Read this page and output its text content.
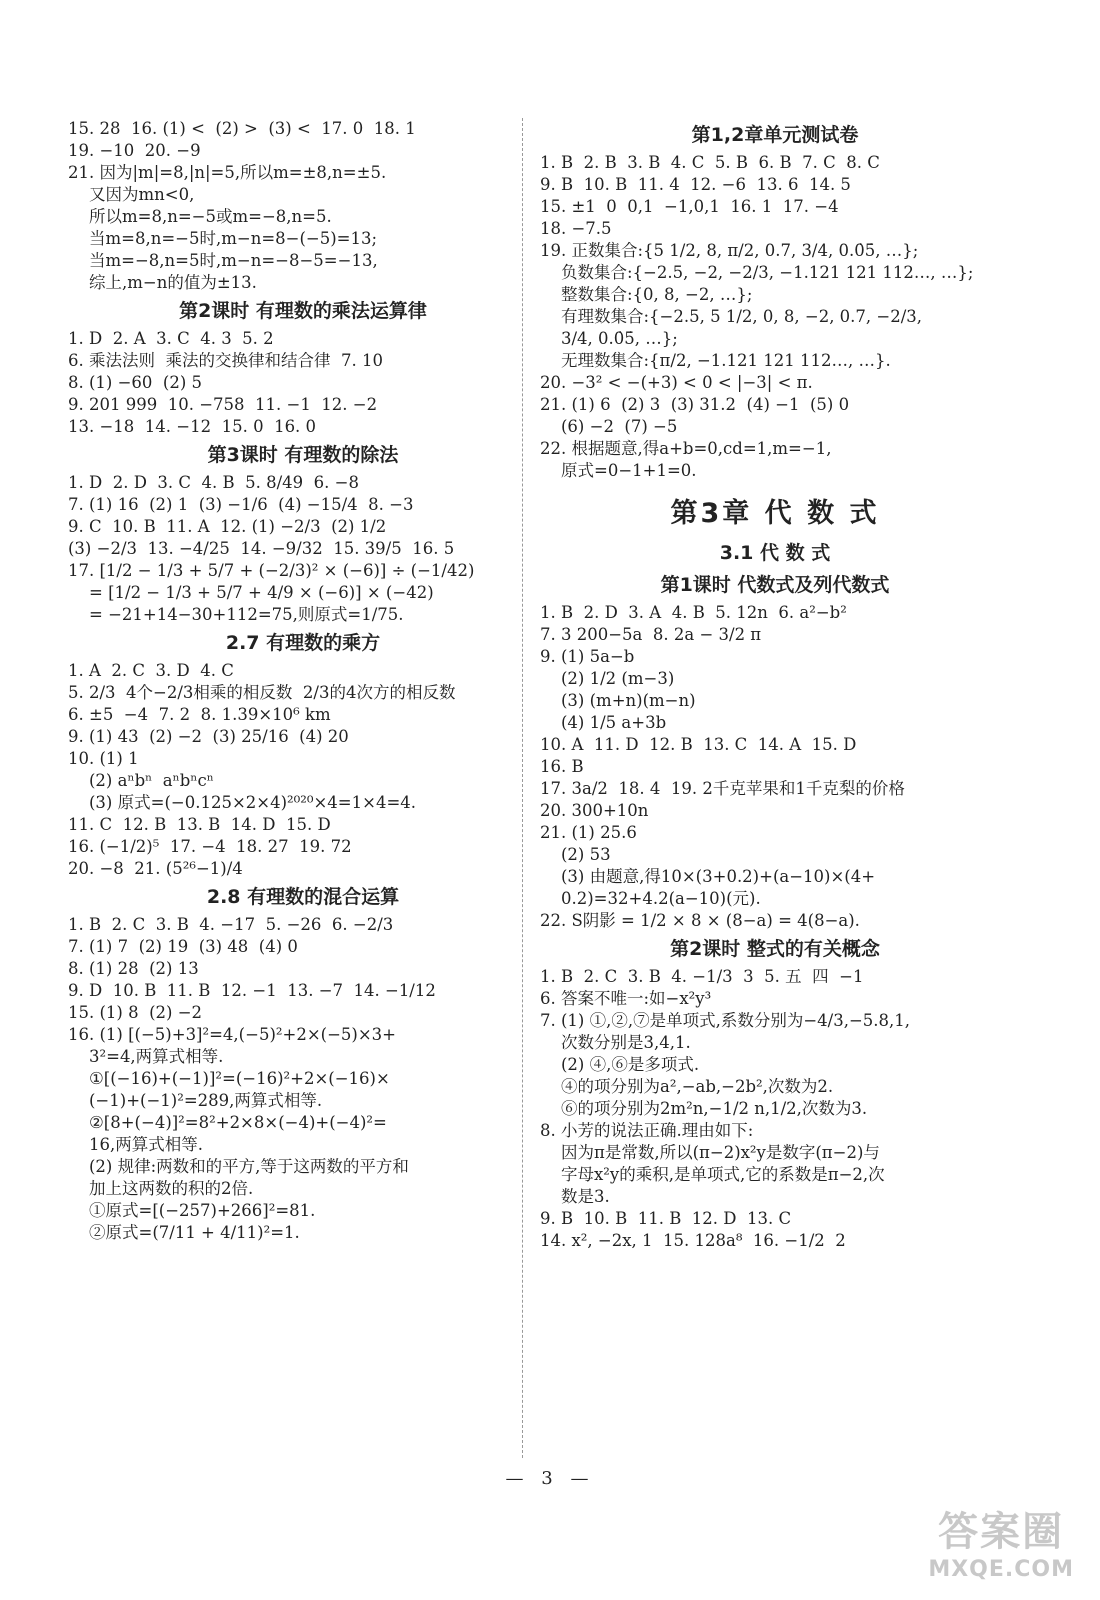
15. 28  16. (1) <  (2) >  (3) <  17. 0  18. 1
19. −10  20. −9
21. 因为|m|=8,|n|=5,所以m=±8,n=±5.
又因为mn<0,
所以m=8,n=−5或m=−8,n=5.
当m=8,n=−5时,m−n=8−(−5)=13;
当m=−8,n=5时,m−n=−8−5=−13,
综上,m−n的值为±13.
第2课时 有理数的乘法运算律
1. D  2. A  3. C  4. 3  5. 2
6. 乘法法则  乘法的交换律和结合律  7. 10
8. (1) −60  (2) 5
9. 201 999  10. −758  11. −1  12. −2
13. −18  14. −12  15. 0  16. 0
第3课时 有理数的除法
1. D  2. D  3. C  4. B  5. 8/49  6. −8
7. (1) 16  (2) 1  (3) −1/6  (4) −15/4  8. −3
9. C  10. B  11. A  12. (1) −2/3  (2) 1/2
(3) −2/3  13. −4/25  14. −9/32  15. 39/5  16. 5
17. [1/2 − 1/3 + 5/7 + (−2/3)² × (−6)] ÷ (−1/42)
= [1/2 − 1/3 + 5/7 + 4/9 × (−6)] × (−42)
= −21+14−30+112=75,则原式=1/75.
2.7 有理数的乘方
1. A  2. C  3. D  4. C
5. 2/3  4个−2/3相乘的相反数  2/3的4次方的相反数
6. ±5  −4  7. 2  8. 1.39×10⁶ km
9. (1) 43  (2) −2  (3) 25/16  (4) 20
10. (1) 1
(2) aⁿbⁿ  aⁿbⁿcⁿ
(3) 原式=(−0.125×2×4)²⁰²⁰×4=1×4=4.
11. C  12. B  13. B  14. D  15. D
16. (−1/2)⁵  17. −4  18. 27  19. 72
20. −8  21. (5²⁶−1)/4
2.8 有理数的混合运算
1. B  2. C  3. B  4. −17  5. −26  6. −2/3
7. (1) 7  (2) 19  (3) 48  (4) 0
8. (1) 28  (2) 13
9. D  10. B  11. B  12. −1  13. −7  14. −1/12
15. (1) 8  (2) −2
16. (1) [(−5)+3]²=4,(−5)²+2×(−5)×3+
3²=4,两算式相等.
①[(−16)+(−1)]²=(−16)²+2×(−16)×
(−1)+(−1)²=289,两算式相等.
②[8+(−4)]²=8²+2×8×(−4)+(−4)²=
16,两算式相等.
(2) 规律:两数和的平方,等于这两数的平方和
加上这两数的积的2倍.
①原式=[(−257)+266]²=81.
②原式=(7/11 + 4/11)²=1.
第1,2章单元测试卷
1. B  2. B  3. B  4. C  5. B  6. B  7. C  8. C
9. B  10. B  11. 4  12. −6  13. 6  14. 5
15. ±1  0  0,1  −1,0,1  16. 1  17. −4
18. −7.5
19. 正数集合:{5 1/2, 8, π/2, 0.7, 3/4, 0.0̇5̇, …};
负数集合:{−2.5, −2, −2/3, −1.121 121 112…, …};
整数集合:{0, 8, −2, …};
有理数集合:{−2.5, 5 1/2, 0, 8, −2, 0.7, −2/3,
3/4, 0.0̇5̇, …};
无理数集合:{π/2, −1.121 121 112…, …}.
20. −3² < −(+3) < 0 < |−3| < π.
21. (1) 6  (2) 3  (3) 31.2  (4) −1  (5) 0
(6) −2  (7) −5
22. 根据题意,得a+b=0,cd=1,m=−1,
原式=0−1+1=0.
第3章 代 数 式
3.1 代 数 式
第1课时 代数式及列代数式
1. B  2. D  3. A  4. B  5. 12n  6. a²−b²
7. 3 200−5a  8. 2a − 3/2 π
9. (1) 5a−b
(2) 1/2 (m−3)
(3) (m+n)(m−n)
(4) 1/5 a+3b
10. A  11. D  12. B  13. C  14. A  15. D
16. B
17. 3a/2  18. 4  19. 2千克苹果和1千克梨的价格
20. 300+10n
21. (1) 25.6
(2) 53
(3) 由题意,得10×(3+0.2)+(a−10)×(4+
0.2)=32+4.2(a−10)(元).
22. S阴影 = 1/2 × 8 × (8−a) = 4(8−a).
第2课时 整式的有关概念
1. B  2. C  3. B  4. −1/3  3  5. 五  四  −1
6. 答案不唯一:如−x²y³
7. (1) ①,②,⑦是单项式,系数分别为−4/3,−5.8,1,
次数分别是3,4,1.
(2) ④,⑥是多项式.
④的项分别为a²,−ab,−2b²,次数为2.
⑥的项分别为2m²n,−1/2 n,1/2,次数为3.
8. 小芳的说法正确.理由如下:
因为π是常数,所以(π−2)x²y是数字(π−2)与
字母x²y的乘积,是单项式,它的系数是π−2,次
数是3.
9. B  10. B  11. B  12. D  13. C
14. x², −2x, 1  15. 128a⁸  16. −1/2  2
— 3 —
答案圈
MXQE.COM
